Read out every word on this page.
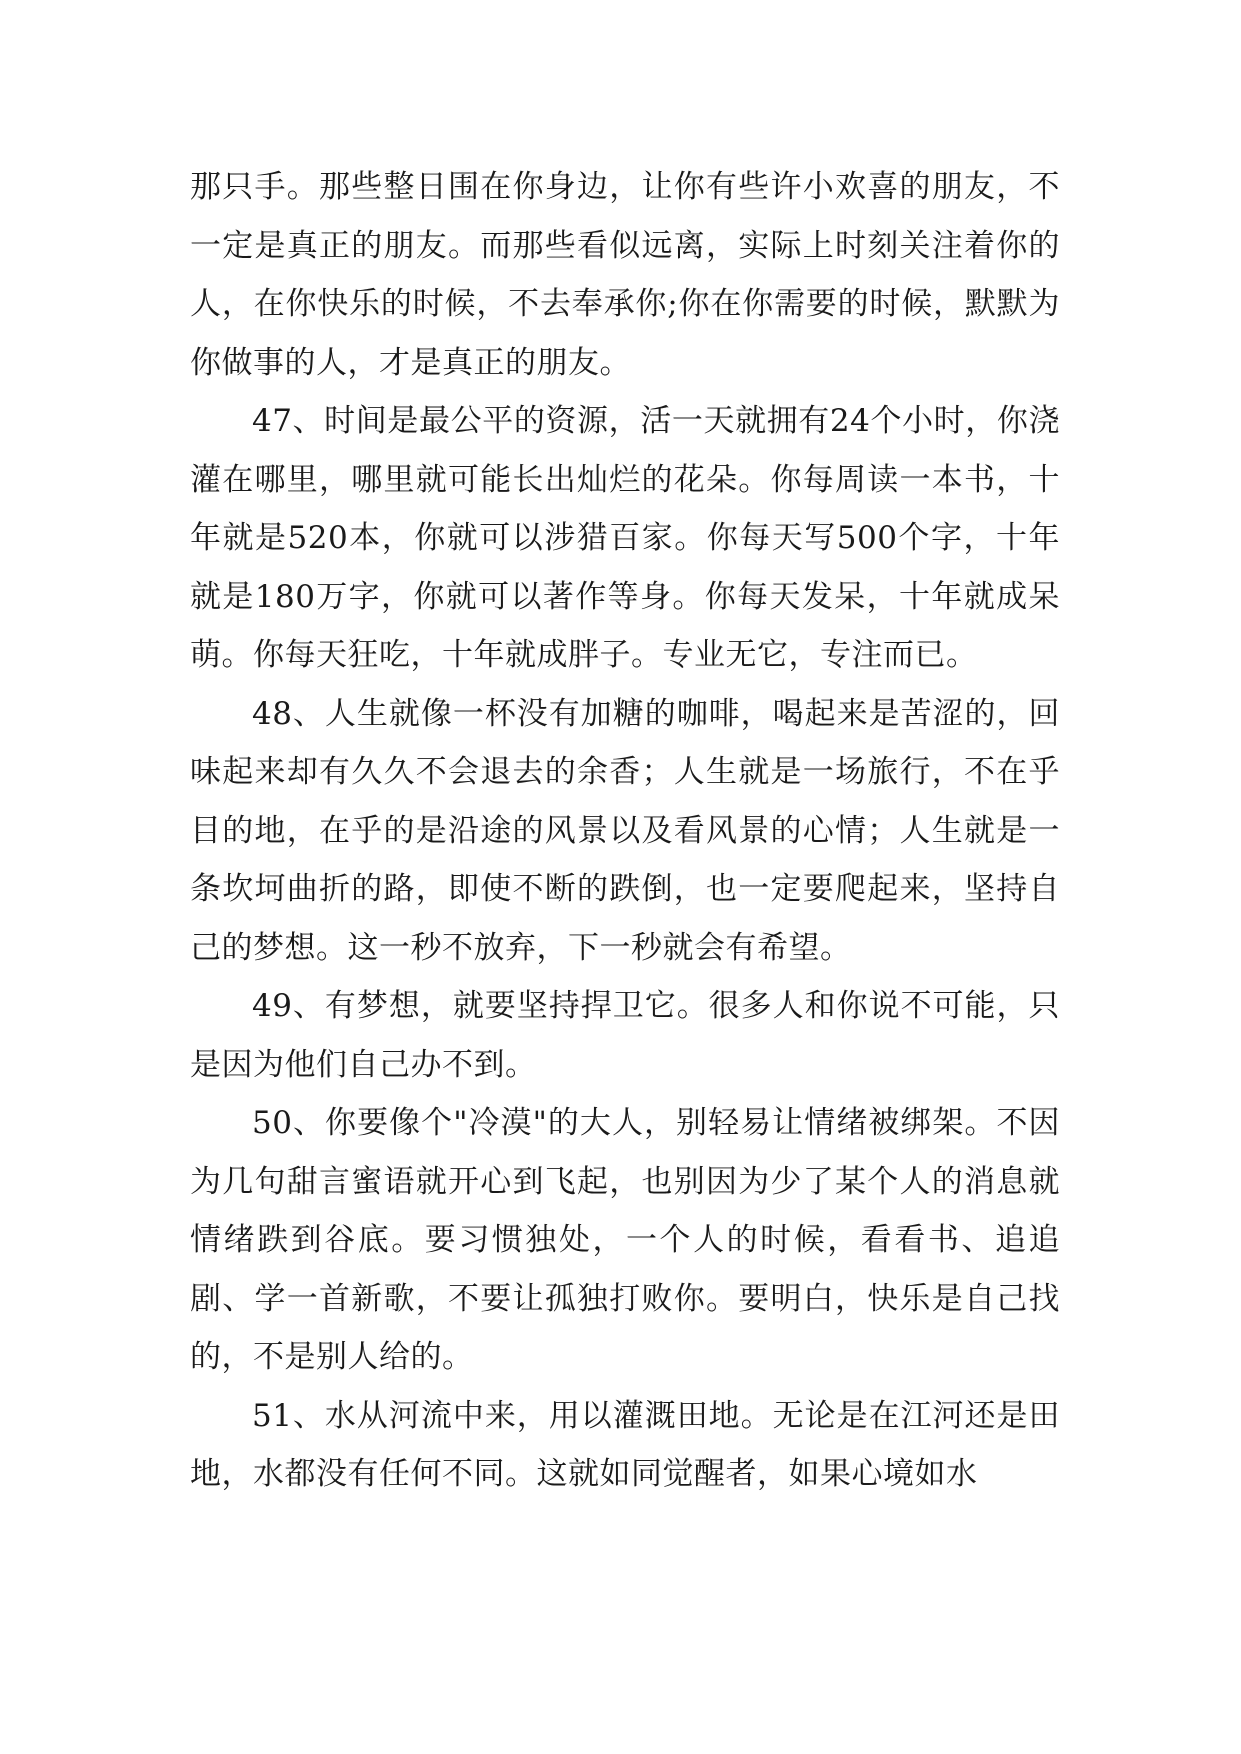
那只手。那些整日围在你身边，让你有些许小欢喜的朋友，不一定是真正的朋友。而那些看似远离，实际上时刻关注着你的人，在你快乐的时候，不去奉承你;你在你需要的时候，默默为你做事的人，才是真正的朋友。

47、时间是最公平的资源，活一天就拥有24个小时，你浇灌在哪里，哪里就可能长出灿烂的花朵。你每周读一本书，十年就是520本，你就可以涉猎百家。你每天写500个字，十年就是180万字，你就可以著作等身。你每天发呆，十年就成呆萌。你每天狂吃，十年就成胖子。专业无它，专注而已。

48、人生就像一杯没有加糖的咖啡，喝起来是苦涩的，回味起来却有久久不会退去的余香；人生就是一场旅行，不在乎目的地，在乎的是沿途的风景以及看风景的心情；人生就是一条坎坷曲折的路，即使不断的跌倒，也一定要爬起来，坚持自己的梦想。这一秒不放弃，下一秒就会有希望。

49、有梦想，就要坚持捍卫它。很多人和你说不可能，只是因为他们自己办不到。

50、你要像个"冷漠"的大人，别轻易让情绪被绑架。不因为几句甜言蜜语就开心到飞起，也别因为少了某个人的消息就情绪跌到谷底。要习惯独处，一个人的时候，看看书、追追剧、学一首新歌，不要让孤独打败你。要明白，快乐是自己找的，不是别人给的。

51、水从河流中来，用以灌溉田地。无论是在江河还是田地，水都没有任何不同。这就如同觉醒者，如果心境如水
